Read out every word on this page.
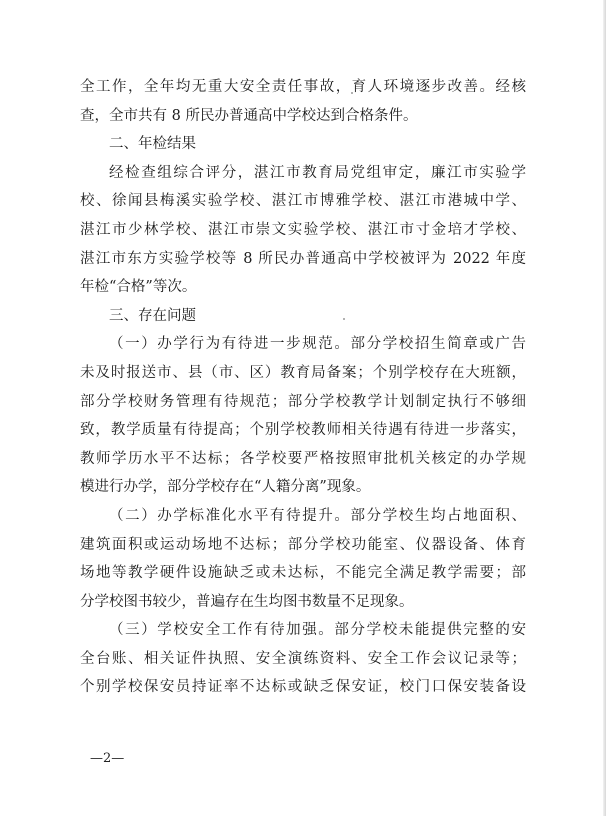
全工作，全年均无重大安全责任事故，育人环境逐步改善。经核
查，全市共有 8 所民办普通高中学校达到合格条件。
二、年检结果
经检查组综合评分，湛江市教育局党组审定，廉江市实验学
校、徐闻县梅溪实验学校、湛江市博雅学校、湛江市港城中学、
湛江市少林学校、湛江市崇文实验学校、湛江市寸金培才学校、
湛江市东方实验学校等 8 所民办普通高中学校被评为 2022 年度
年检“合格”等次。
三、存在问题
（一）办学行为有待进一步规范。部分学校招生简章或广告
未及时报送市、县（市、区）教育局备案；个别学校存在大班额，
部分学校财务管理有待规范；部分学校教学计划制定执行不够细
致，教学质量有待提高；个别学校教师相关待遇有待进一步落实，
教师学历水平不达标；各学校要严格按照审批机关核定的办学规
模进行办学，部分学校存在“人籍分离”现象。
（二）办学标准化水平有待提升。部分学校生均占地面积、
建筑面积或运动场地不达标；部分学校功能室、仪器设备、体育
场地等教学硬件设施缺乏或未达标，不能完全满足教学需要；部
分学校图书较少，普遍存在生均图书数量不足现象。
（三）学校安全工作有待加强。部分学校未能提供完整的安
全台账、相关证件执照、安全演练资料、安全工作会议记录等；
个别学校保安员持证率不达标或缺乏保安证，校门口保安装备设
—2—
